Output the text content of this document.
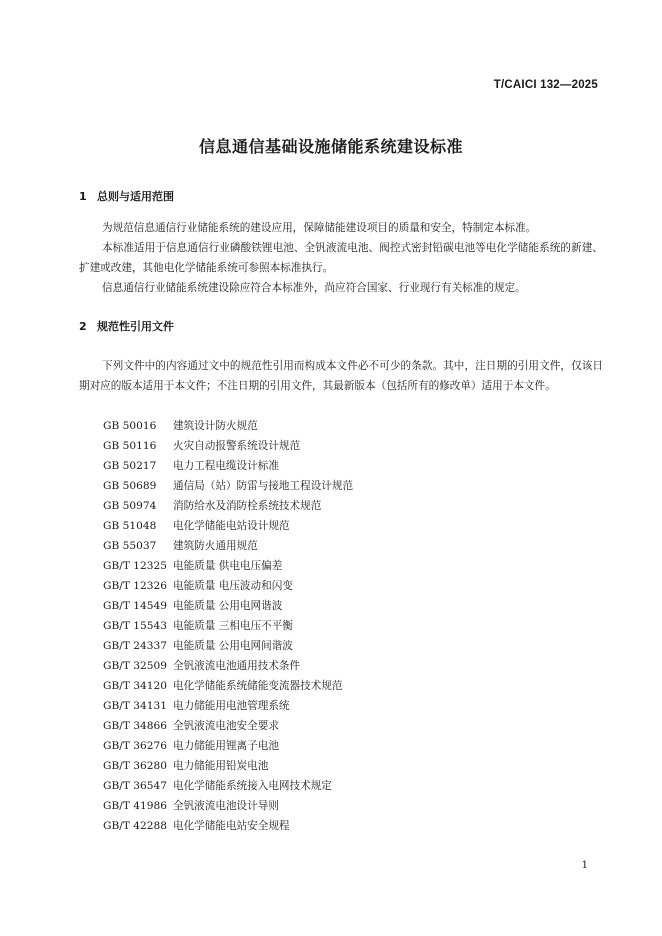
T/CAICI 132—2025
信息通信基础设施储能系统建设标准
1 总则与适用范围
为规范信息通信行业储能系统的建设应用，保障储能建设项目的质量和安全，特制定本标准。
本标准适用于信息通信行业磷酸铁锂电池、全钒液流电池、阀控式密封铅碳电池等电化学储能系统的新建、扩建或改建，其他电化学储能系统可参照本标准执行。
信息通信行业储能系统建设除应符合本标准外，尚应符合国家、行业现行有关标准的规定。
2 规范性引用文件
下列文件中的内容通过文中的规范性引用而构成本文件必不可少的条款。其中，注日期的引用文件，仅该日期对应的版本适用于本文件；不注日期的引用文件，其最新版本（包括所有的修改单）适用于本文件。
GB 50016 建筑设计防火规范
GB 50116 火灾自动报警系统设计规范
GB 50217 电力工程电缆设计标准
GB 50689 通信局（站）防雷与接地工程设计规范
GB 50974 消防给水及消防栓系统技术规范
GB 51048 电化学储能电站设计规范
GB 55037 建筑防火通用规范
GB/T 12325 电能质量 供电电压偏差
GB/T 12326 电能质量 电压波动和闪变
GB/T 14549 电能质量 公用电网谐波
GB/T 15543 电能质量 三相电压不平衡
GB/T 24337 电能质量 公用电网间谐波
GB/T 32509 全钒液流电池通用技术条件
GB/T 34120 电化学储能系统储能变流器技术规范
GB/T 34131 电力储能用电池管理系统
GB/T 34866 全钒液流电池安全要求
GB/T 36276 电力储能用锂离子电池
GB/T 36280 电力储能用铅炭电池
GB/T 36547 电化学储能系统接入电网技术规定
GB/T 41986 全钒液流电池设计导则
GB/T 42288 电化学储能电站安全规程
1
